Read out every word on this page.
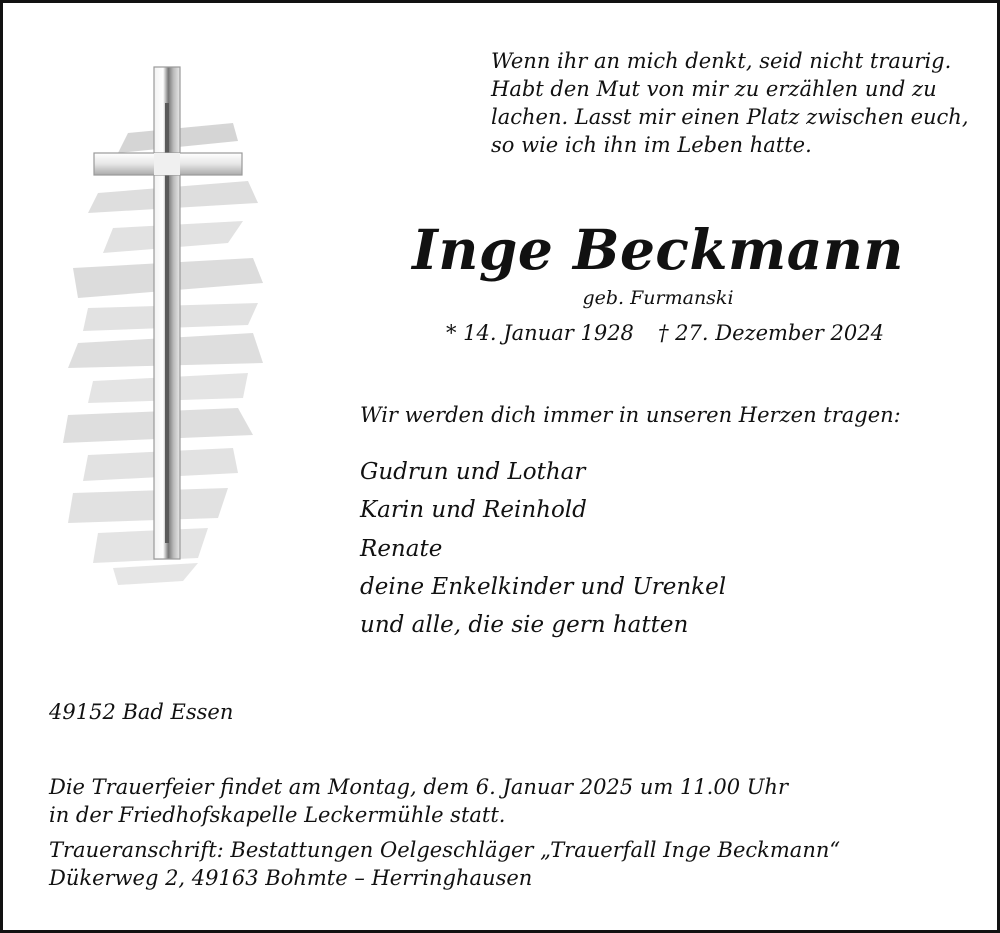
Wenn ihr an mich denkt, seid nicht traurig.
Habt den Mut von mir zu erzählen und zu
lachen. Lasst mir einen Platz zwischen euch,
so wie ich ihn im Leben hatte.
Inge Beckmann
geb. Furmanski
* 14. Januar 1928 † 27. Dezember 2024
Wir werden dich immer in unseren Herzen tragen:
Gudrun und Lothar
Karin und Reinhold
Renate
deine Enkelkinder und Urenkel
und alle, die sie gern hatten
49152 Bad Essen
Die Trauerfeier findet am Montag, dem 6. Januar 2025 um 11.00 Uhr
in der Friedhofskapelle Leckermühle statt.
Traueranschrift: Bestattungen Oelgeschläger „Trauerfall Inge Beckmann“
Dükerweg 2, 49163 Bohmte – Herringhausen
